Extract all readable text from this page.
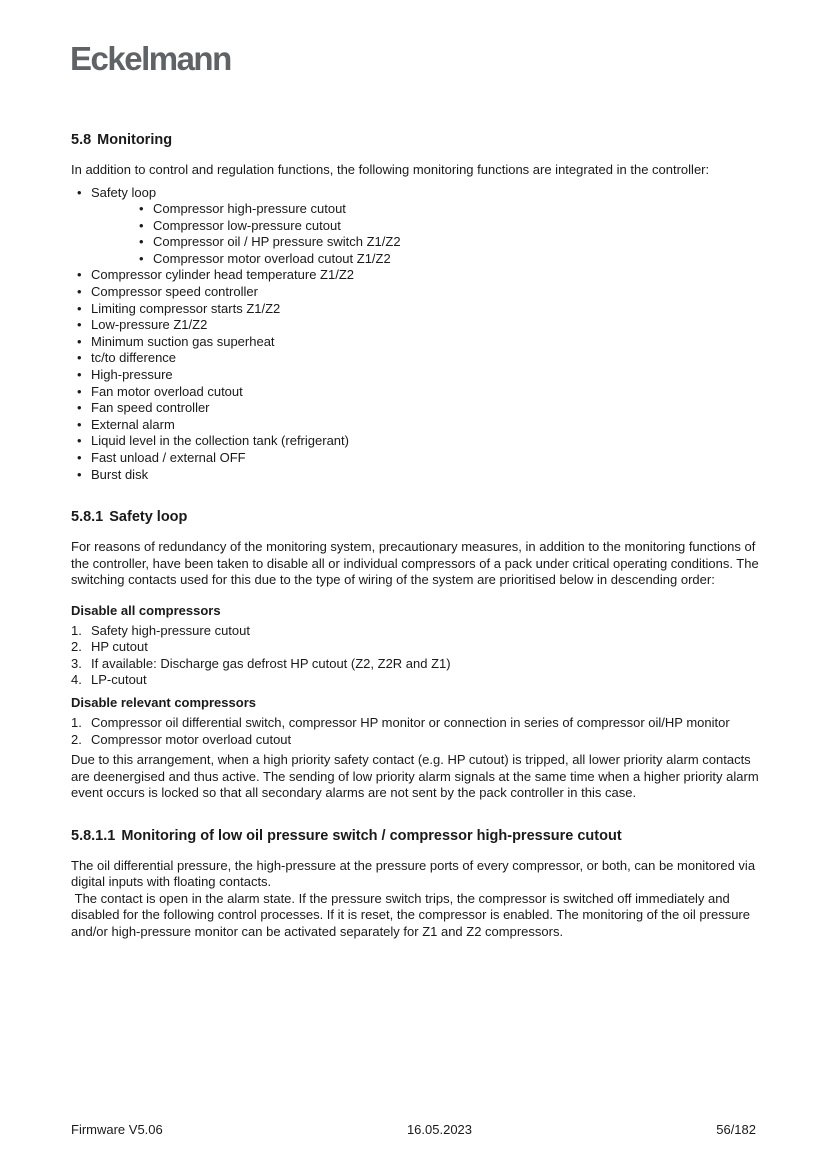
Eckelmann
5.8 Monitoring

In addition to control and regulation functions, the following monitoring functions are integrated in the controller:

• Safety loop
• Compressor high-pressure cutout
• Compressor low-pressure cutout
• Compressor oil / HP pressure switch Z1/Z2
• Compressor motor overload cutout Z1/Z2
• Compressor cylinder head temperature Z1/Z2
• Compressor speed controller
• Limiting compressor starts Z1/Z2
• Low-pressure Z1/Z2
• Minimum suction gas superheat
• tc/to difference
• High-pressure
• Fan motor overload cutout
• Fan speed controller
• External alarm
• Liquid level in the collection tank (refrigerant)
• Fast unload / external OFF
• Burst disk
5.8.1 Safety loop

For reasons of redundancy of the monitoring system, precautionary measures, in addition to the monitoring functions of the controller, have been taken to disable all or individual compressors of a pack under critical operating conditions. The switching contacts used for this due to the type of wiring of the system are prioritised below in descending order:

Disable all compressors
1. Safety high-pressure cutout
2. HP cutout
3. If available: Discharge gas defrost HP cutout (Z2, Z2R and Z1)
4. LP-cutout
Disable relevant compressors
1. Compressor oil differential switch, compressor HP monitor or connection in series of compressor oil/HP monitor
2. Compressor motor overload cutout

Due to this arrangement, when a high priority safety contact (e.g. HP cutout) is tripped, all lower priority alarm contacts are deenergised and thus active. The sending of low priority alarm signals at the same time when a higher priority alarm event occurs is locked so that all secondary alarms are not sent by the pack controller in this case.

5.8.1.1 Monitoring of low oil pressure switch / compressor high-pressure cutout

The oil differential pressure, the high-pressure at the pressure ports of every compressor, or both, can be monitored via digital inputs with floating contacts.

The contact is open in the alarm state. If the pressure switch trips, the compressor is switched off immediately and disabled for the following control processes. If it is reset, the compressor is enabled. The monitoring of the oil pressure and/or high-pressure monitor can be activated separately for Z1 and Z2 compressors.

Firmware V5.06	16.05.2023	56/182
